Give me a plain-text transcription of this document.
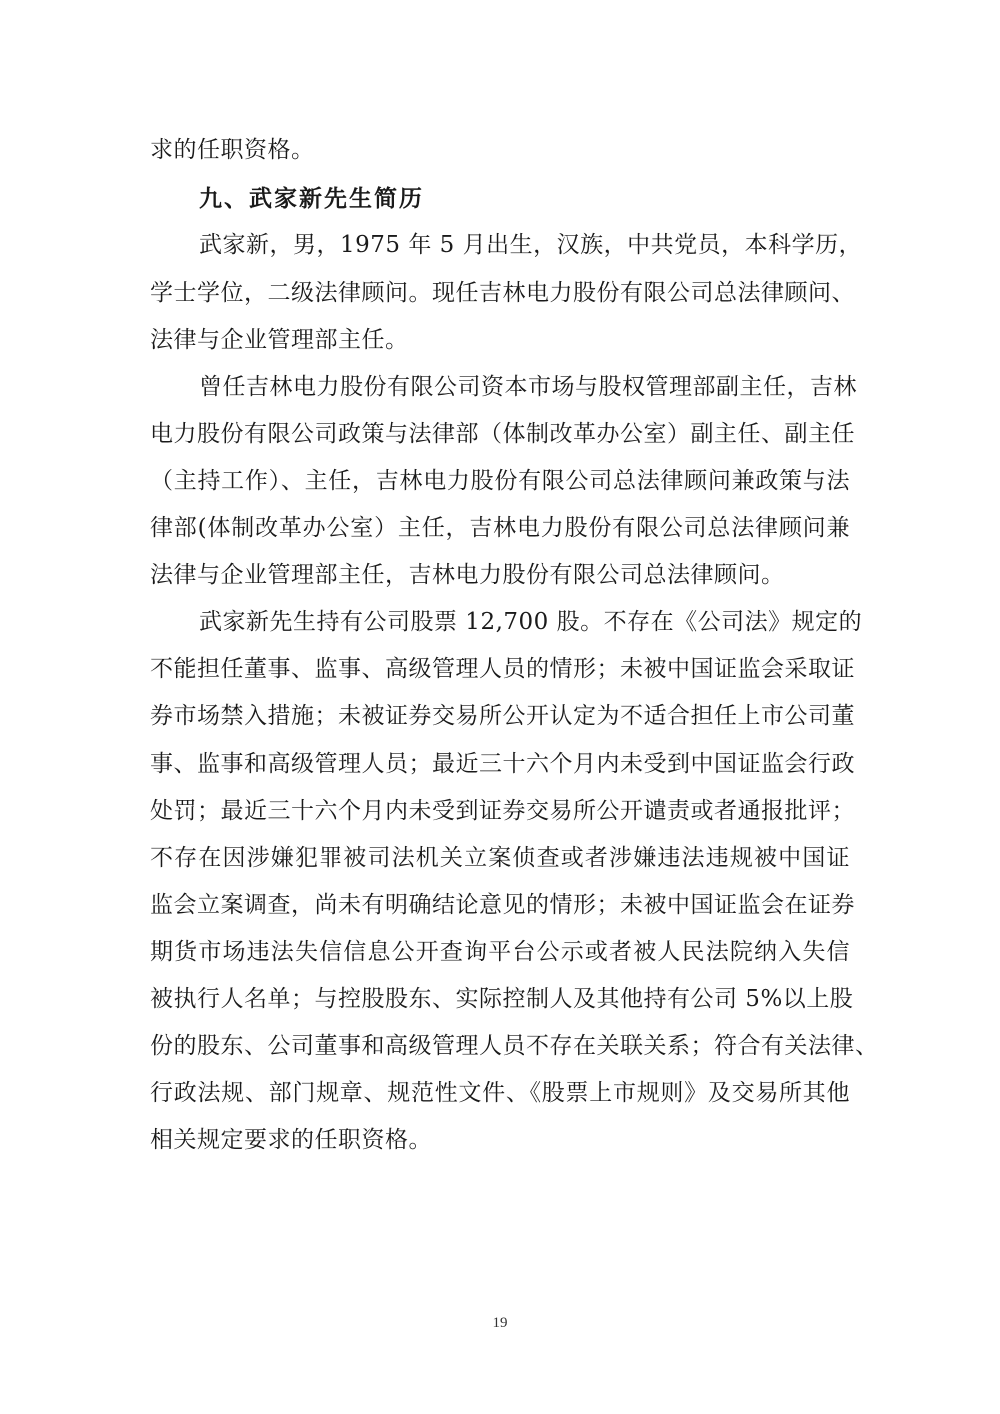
求的任职资格。
九、武家新先生简历
武家新，男，1975 年 5 月出生，汉族，中共党员，本科学历，
学士学位，二级法律顾问。现任吉林电力股份有限公司总法律顾问、
法律与企业管理部主任。
曾任吉林电力股份有限公司资本市场与股权管理部副主任，吉林
电力股份有限公司政策与法律部（体制改革办公室）副主任、副主任
（主持工作）、主任，吉林电力股份有限公司总法律顾问兼政策与法
律部(体制改革办公室）主任，吉林电力股份有限公司总法律顾问兼
法律与企业管理部主任，吉林电力股份有限公司总法律顾问。
武家新先生持有公司股票 12,700 股。不存在《公司法》规定的
不能担任董事、监事、高级管理人员的情形；未被中国证监会采取证
券市场禁入措施；未被证券交易所公开认定为不适合担任上市公司董
事、监事和高级管理人员；最近三十六个月内未受到中国证监会行政
处罚；最近三十六个月内未受到证券交易所公开谴责或者通报批评；
不存在因涉嫌犯罪被司法机关立案侦查或者涉嫌违法违规被中国证
监会立案调查，尚未有明确结论意见的情形；未被中国证监会在证券
期货市场违法失信信息公开查询平台公示或者被人民法院纳入失信
被执行人名单；与控股股东、实际控制人及其他持有公司 5%以上股
份的股东、公司董事和高级管理人员不存在关联关系；符合有关法律、
行政法规、部门规章、规范性文件、《股票上市规则》及交易所其他
相关规定要求的任职资格。
19
